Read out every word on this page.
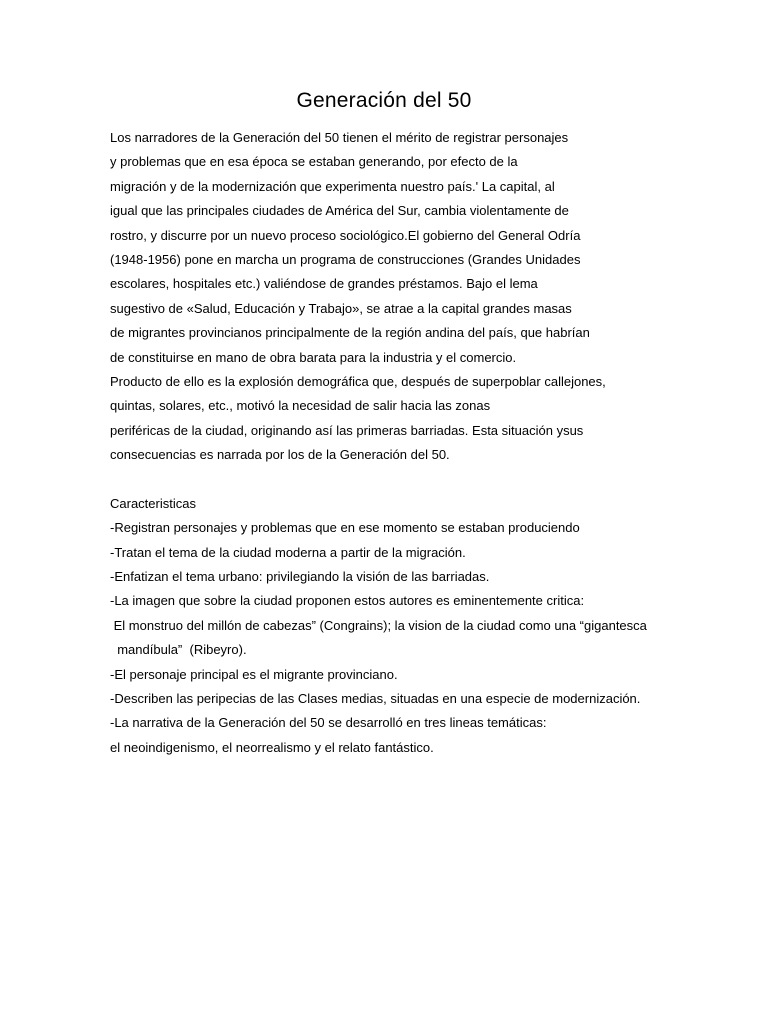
Generación del 50
Los narradores de la Generación del 50 tienen el mérito de registrar personajes
y problemas que en esa época se estaban generando, por efecto de la
migración y de la modernización que experimenta nuestro país.' La capital, al
igual que las principales ciudades de América del Sur, cambia violentamente de
rostro, y discurre por un nuevo proceso sociológico.El gobierno del General Odría
(1948-1956) pone en marcha un programa de construcciones (Grandes Unidades
escolares, hospitales etc.) valiéndose de grandes préstamos. Bajo el lema
sugestivo de «Salud, Educación y Trabajo», se atrae a la capital grandes masas
de migrantes provincianos principalmente de la región andina del país, que habrían
de constituirse en mano de obra barata para la industria y el comercio.
Producto de ello es la explosión demográfica que, después de superpoblar callejones,
quintas, solares, etc., motivó la necesidad de salir hacia las zonas
periféricas de la ciudad, originando así las primeras barriadas. Esta situación ysus
consecuencias es narrada por los de la Generación del 50.
Caracteristicas
-Registran personajes y problemas que en ese momento se estaban produciendo
-Tratan el tema de la ciudad moderna a partir de la migración.
-Enfatizan el tema urbano: privilegiando la visión de las barriadas.
-La imagen que sobre la ciudad proponen estos autores es eminentemente critica:
El monstruo del millón de cabezas” (Congrains); la vision de la ciudad como una “gigantesca
mandíbula”  (Ribeyro).
-El personaje principal es el migrante provinciano.
-Describen las peripecias de las Clases medias, situadas en una especie de modernización.
-La narrativa de la Generación del 50 se desarrolló en tres lineas temáticas:
el neoindigenismo, el neorrealismo y el relato fantástico.
